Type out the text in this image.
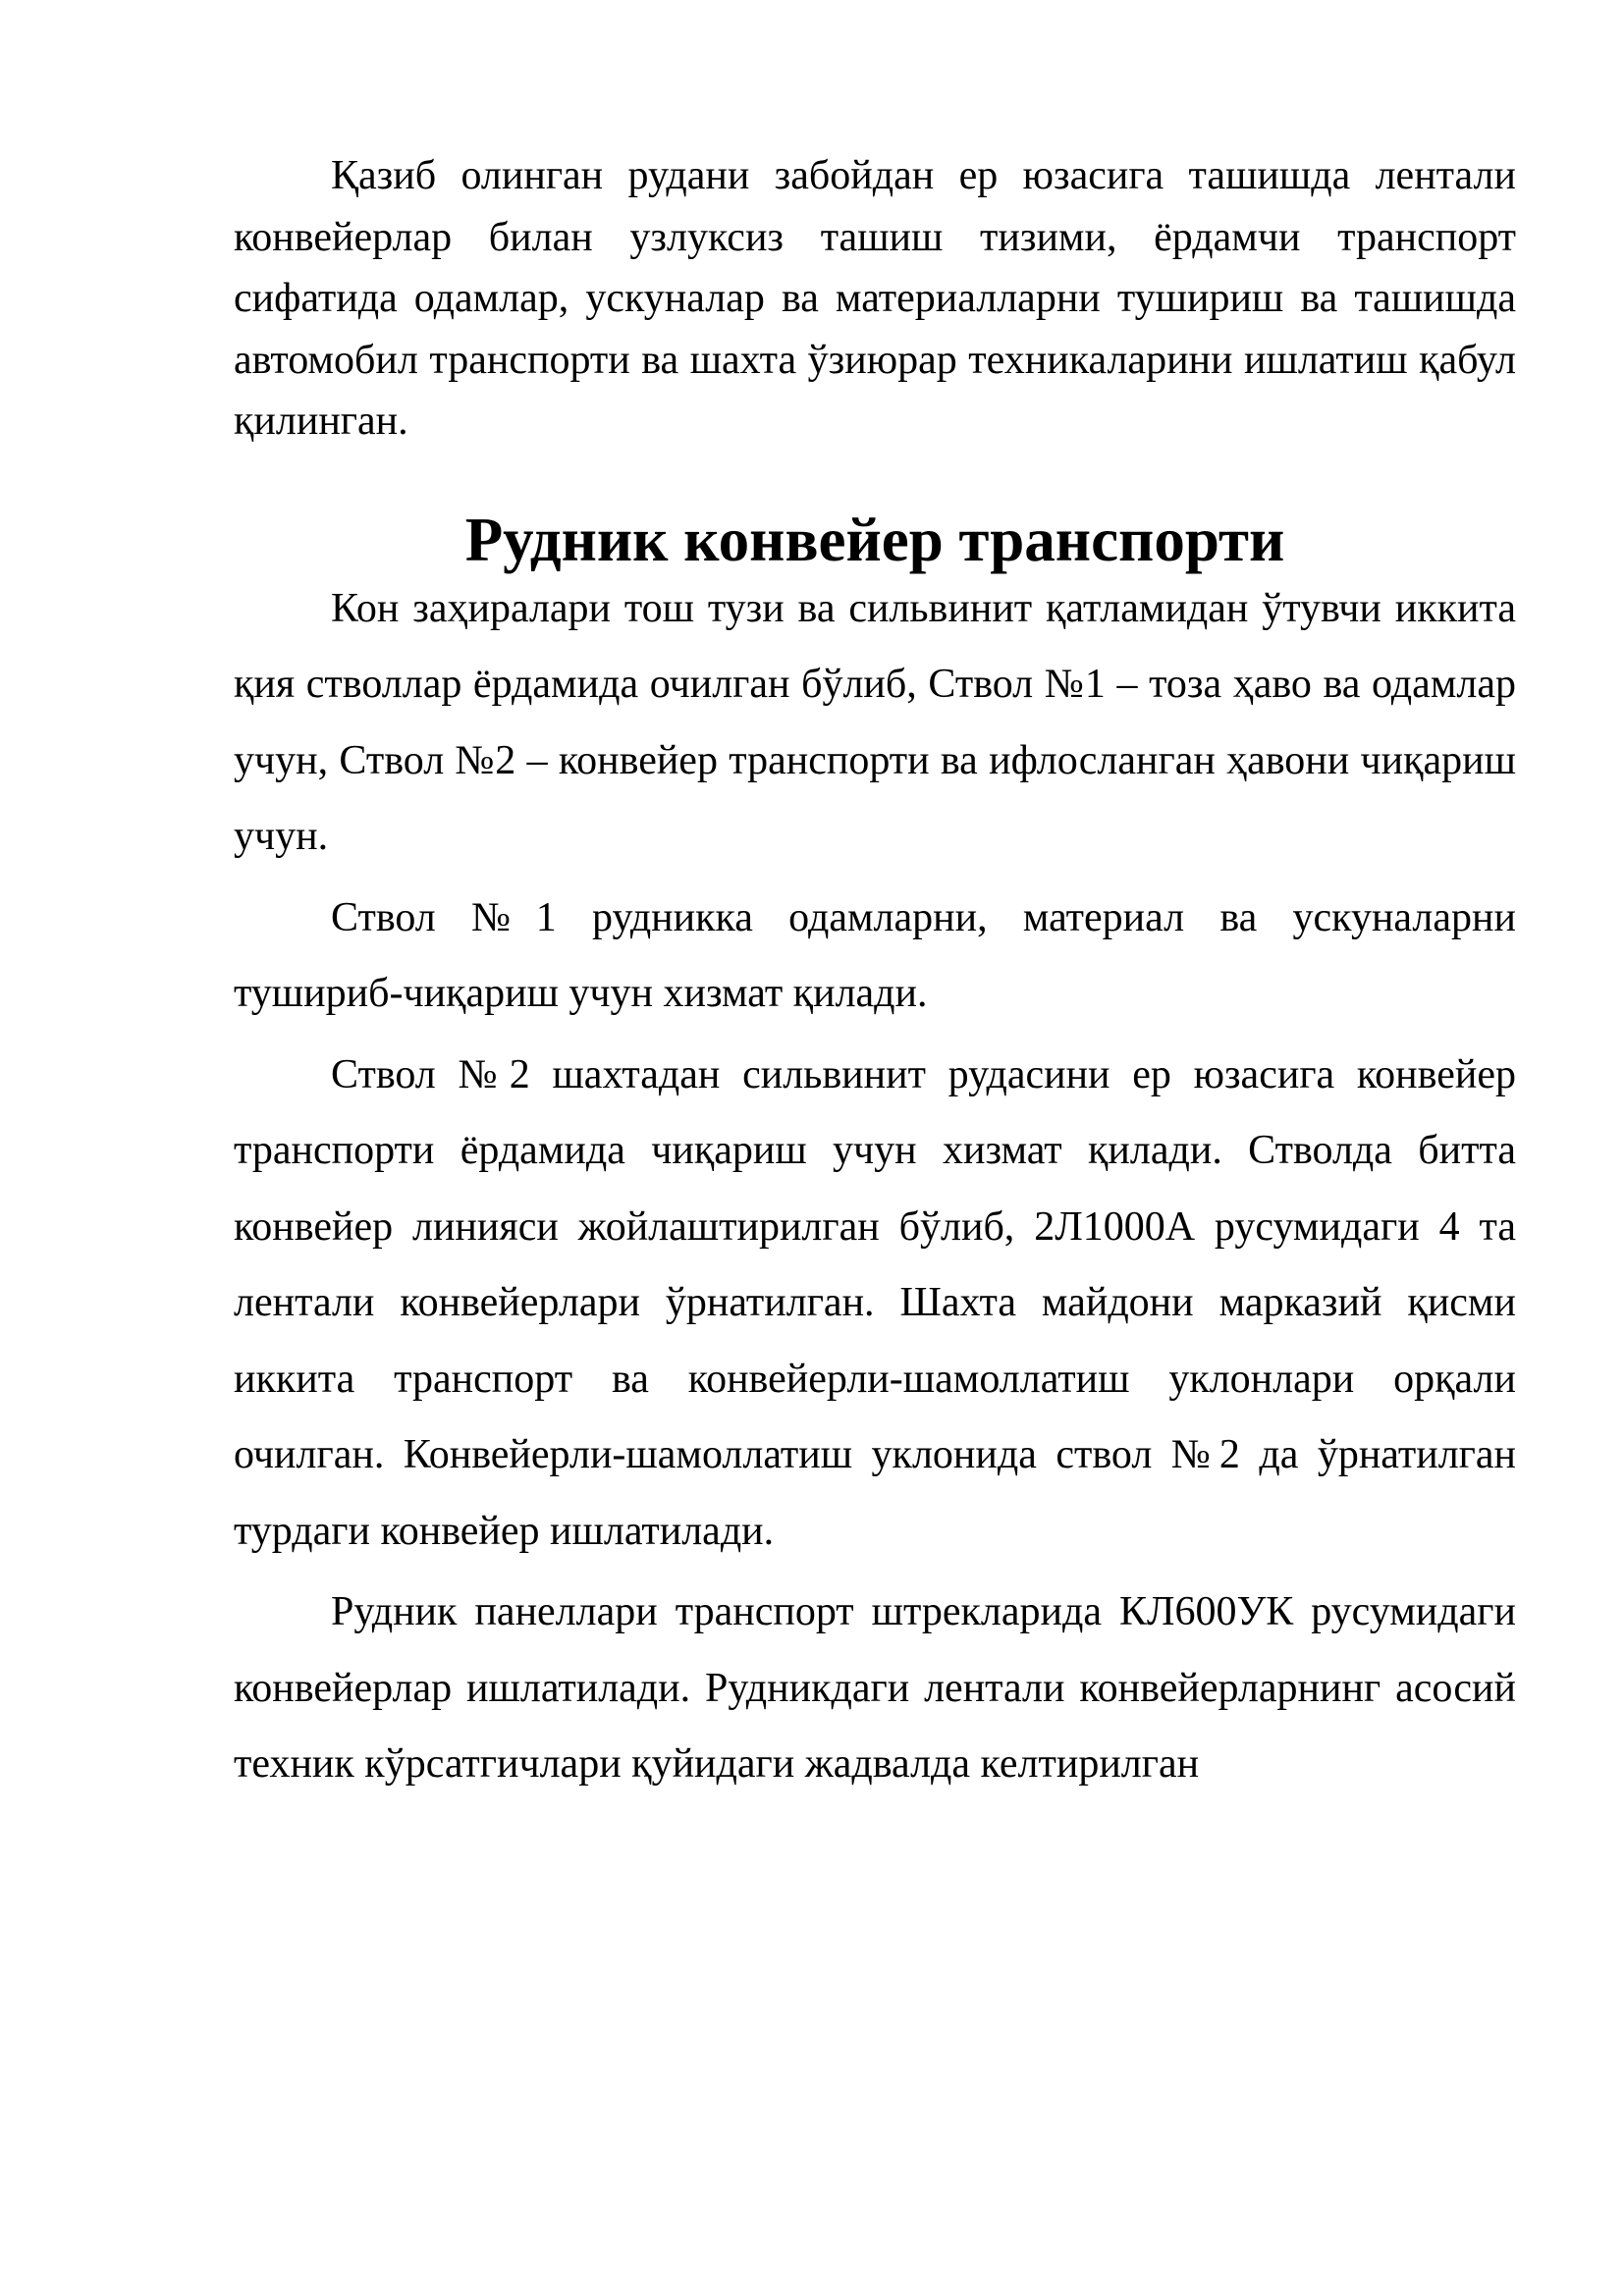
Қазиб олинган рудани забойдан ер юзасига ташишда лентали конвейерлар билан узлуксиз ташиш тизими, ёрдамчи транспорт сифатида одамлар, ускуналар ва материалларни тушириш ва ташишда автомобил транспорти ва шахта ўзиюрар техникаларини ишлатиш қабул қилинган.

Рудник конвейер транспорти

Кон заҳиралари тош тузи ва сильвинит қатламидан ўтувчи иккита қия стволлар ёрдамида очилган бўлиб, Ствол №1 – тоза ҳаво ва одамлар учун, Ствол №2 – конвейер транспорти ва ифлосланган ҳавони чиқариш учун.

Ствол №1 рудникка одамларни, материал ва ускуналарни тушириб-чиқариш учун хизмат қилади.

Ствол №2 шахтадан сильвинит рудасини ер юзасига конвейер транспорти ёрдамида чиқариш учун хизмат қилади. Стволда битта конвейер линияси жойлаштирилган бўлиб, 2Л1000А русумидаги 4 та лентали конвейерлари ўрнатилган. Шахта майдони марказий қисми иккита транспорт ва конвейерли-шамоллатиш уклонлари орқали очилган. Конвейерли-шамоллатиш уклонида ствол №2 да ўрнатилган турдаги конвейер ишлатилади.

Рудник панеллари транспорт штрекларида КЛ600УК русумидаги конвейерлар ишлатилади. Рудникдаги лентали конвейерларнинг асосий техник кўрсатгичлари қуйидаги жадвалда келтирилган
